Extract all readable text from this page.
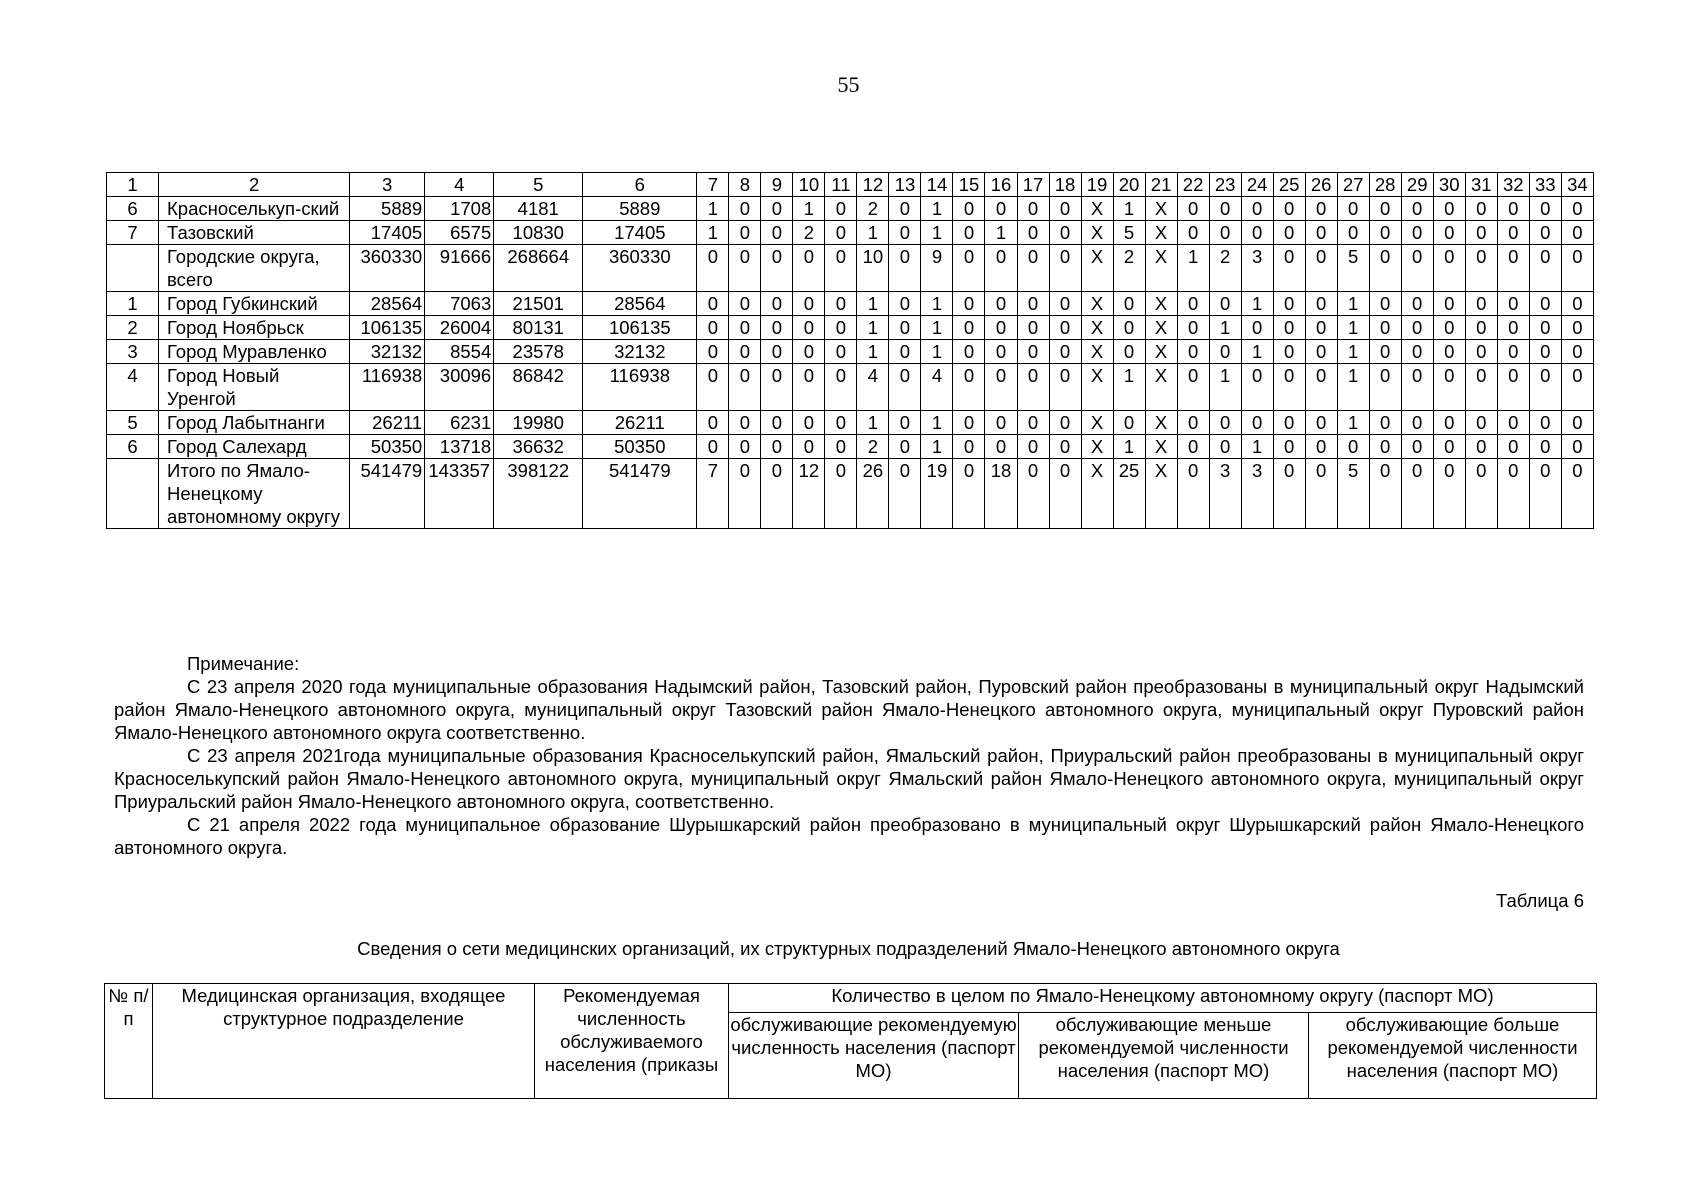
55
1	2	3	4	5	6	7	8	9	10	11	12	13	14	15	16	17	18	19	20	21	22	23	24	25	26	27	28	29	30	31	32	33	34
6	Красноселькуп-ский	5889	1708	4181	5889	1	0	0	1	0	2	0	1	0	0	0	0	X	1	X	0	0	0	0	0	0	0	0	0	0	0	0	0
7	Тазовский	17405	6575	10830	17405	1	0	0	2	0	1	0	1	0	1	0	0	X	5	X	0	0	0	0	0	0	0	0	0	0	0	0	0
	Городские округа, всего	360330	91666	268664	360330	0	0	0	0	0	10	0	9	0	0	0	0	X	2	X	1	2	3	0	0	5	0	0	0	0	0	0	0
1	Город Губкинский	28564	7063	21501	28564	0	0	0	0	0	1	0	1	0	0	0	0	X	0	X	0	0	1	0	0	1	0	0	0	0	0	0	0
2	Город Ноябрьск	106135	26004	80131	106135	0	0	0	0	0	1	0	1	0	0	0	0	X	0	X	0	1	0	0	0	1	0	0	0	0	0	0	0
3	Город Муравленко	32132	8554	23578	32132	0	0	0	0	0	1	0	1	0	0	0	0	X	0	X	0	0	1	0	0	1	0	0	0	0	0	0	0
4	Город Новый Уренгой	116938	30096	86842	116938	0	0	0	0	0	4	0	4	0	0	0	0	X	1	X	0	1	0	0	0	1	0	0	0	0	0	0	0
5	Город Лабытнанги	26211	6231	19980	26211	0	0	0	0	0	1	0	1	0	0	0	0	X	0	X	0	0	0	0	0	1	0	0	0	0	0	0	0
6	Город Салехард	50350	13718	36632	50350	0	0	0	0	0	2	0	1	0	0	0	0	X	1	X	0	0	1	0	0	0	0	0	0	0	0	0	0
	Итого по Ямало-Ненецкому автономному округу	541479	143357	398122	541479	7	0	0	12	0	26	0	19	0	18	0	0	X	25	X	0	3	3	0	0	5	0	0	0	0	0	0	0

Примечание:

С 23 апреля 2020 года муниципальные образования Надымский район, Тазовский район, Пуровский район преобразованы в муниципальный округ Надымский район Ямало-Ненецкого автономного округа, муниципальный округ Тазовский район Ямало-Ненецкого автономного округа, муниципальный округ Пуровский район Ямало-Ненецкого автономного округа соответственно.

С 23 апреля 2021года муниципальные образования Красноселькупский район, Ямальский район, Приуральский район преобразованы в муниципальный округ Красноселькупский район Ямало-Ненецкого автономного округа, муниципальный округ Ямальский район Ямало-Ненецкого автономного округа, муниципальный округ Приуральский район Ямало-Ненецкого автономного округа, соответственно.

С 21 апреля 2022 года муниципальное образование Шурышкарский район преобразовано в муниципальный округ Шурышкарский район Ямало-Ненецкого автономного округа.

Таблица 6
Сведения о сети медицинских организаций, их структурных подразделений Ямало-Ненецкого автономного округа
№ п/ п	Медицинская организация, входящее структурное подразделение	Рекомендуемая численность обслуживаемого населения (приказы	Количество в целом по Ямало-Ненецкому автономному округу (паспорт МО)		
			обслуживающие рекомендуемую численность населения (паспорт МО)	обслуживающие меньше рекомендуемой численности населения (паспорт МО)	обслуживающие больше рекомендуемой численности населения (паспорт МО)
